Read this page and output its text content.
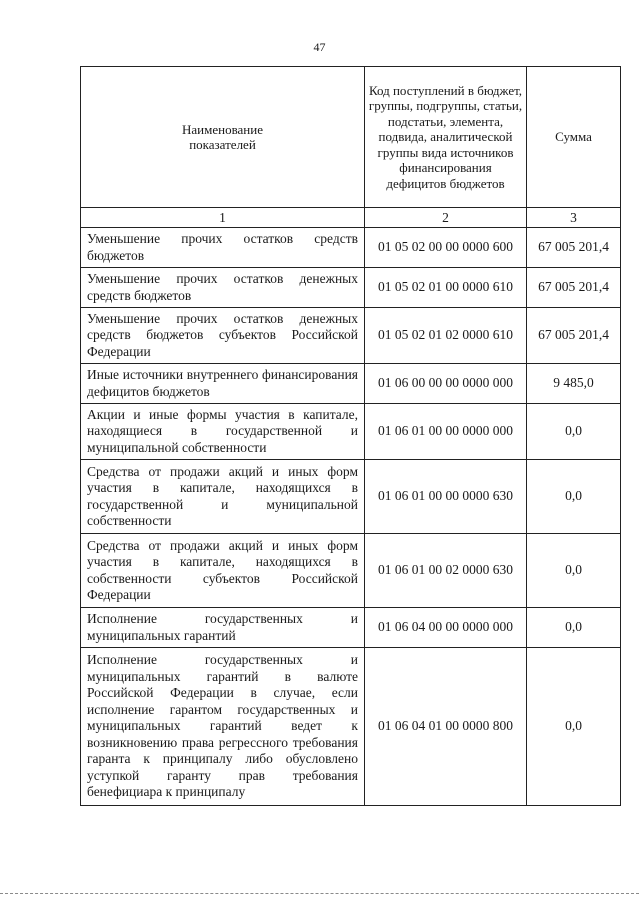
47
Наименование
показателей	Код поступлений в бюджет, группы, подгруппы, статьи, подстатьи, элемента, подвида, аналитической группы вида источников финансирования дефицитов бюджетов	Сумма
1	2	3
Уменьшение прочих остатков средств бюджетов	01 05 02 00 00 0000 600	67 005 201,4
Уменьшение прочих остатков денежных средств бюджетов	01 05 02 01 00 0000 610	67 005 201,4
Уменьшение прочих остатков денежных средств бюджетов субъектов Российской Федерации	01 05 02 01 02 0000 610	67 005 201,4
Иные источники внутреннего финансирования дефицитов бюджетов	01 06 00 00 00 0000 000	9 485,0
Акции и иные формы участия в капитале, находящиеся в государственной и муниципальной собственности	01 06 01 00 00 0000 000	0,0
Средства от продажи акций и иных форм участия в капитале, находящихся в государственной и муниципальной собственности	01 06 01 00 00 0000 630	0,0
Средства от продажи акций и иных форм участия в капитале, находящихся в собственности субъектов Российской Федерации	01 06 01 00 02 0000 630	0,0
Исполнение государственных и муниципальных гарантий	01 06 04 00 00 0000 000	0,0
Исполнение государственных и муниципальных гарантий в валюте Российской Федерации в случае, если исполнение гарантом государственных и муниципальных гарантий ведет к возникновению права регрессного требования гаранта к принципалу либо обусловлено уступкой гаранту прав требования бенефициара к принципалу	01 06 04 01 00 0000 800	0,0
